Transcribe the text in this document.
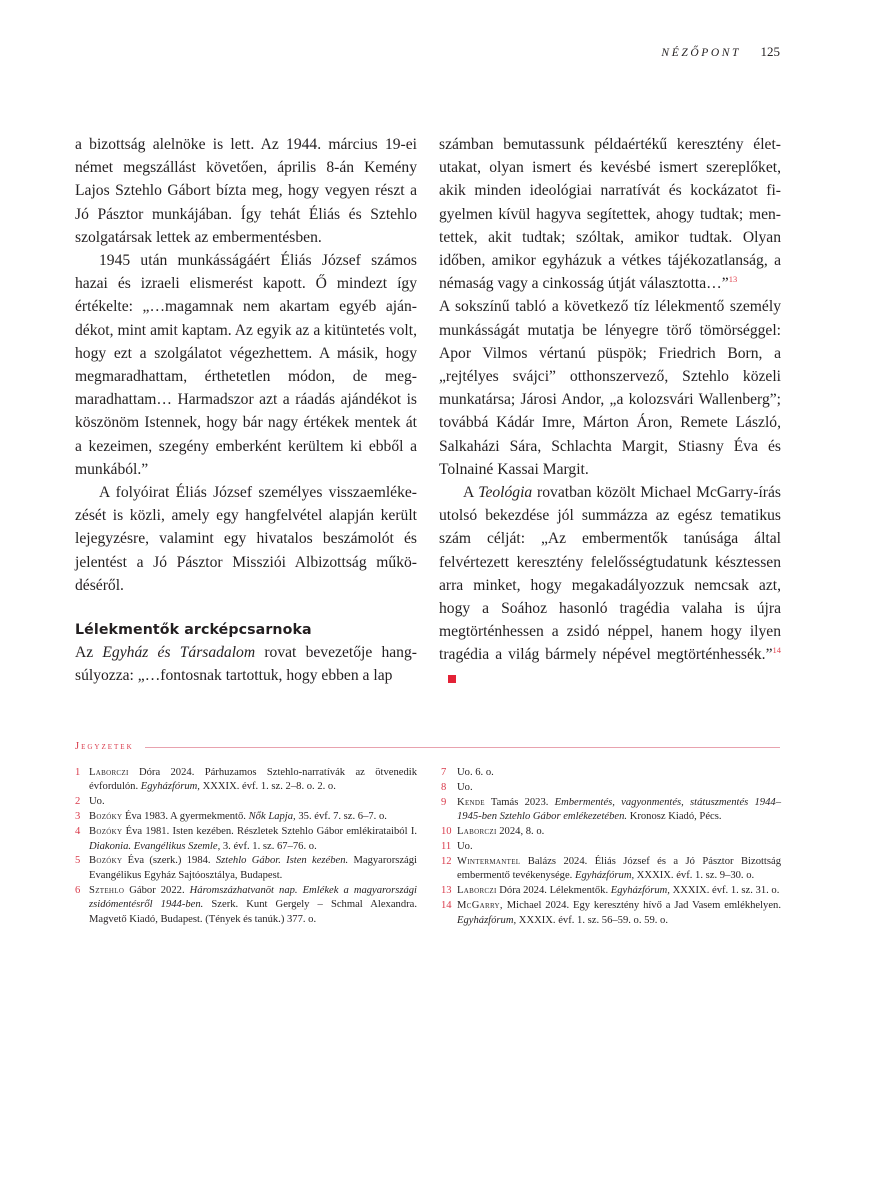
NÉZŐPONT 125

a bizottság alelnöke is lett. Az 1944. március 19-ei német megszállást követően, április 8-án Kemény Lajos Sztehlo Gábort bízta meg, hogy vegyen részt a Jó Pásztor munkájában. Így tehát Éliás és Sztehlo szolgatársak lettek az embermentésben.

1945 után munkásságáért Éliás József számos hazai és izraeli elismerést kapott. Ő mindezt így értékelte: „…magamnak nem akartam egyéb ajándékot, mint amit kaptam. Az egyik az a kitüntetés volt, hogy ezt a szolgálatot végezhettem. A másik, hogy megmaradhattam, érthetetlen módon, de megmaradhattam… Harmadszor azt a ráadás ajándékot is köszönöm Istennek, hogy bár nagy értékek mentek át a kezeimen, szegény emberként kerültem ki ebből a munkából.”

A folyóirat Éliás József személyes visszaemlékezését is közli, amely egy hangfelvétel alapján került lejegyzésre, valamint egy hivatalos beszámolót és jelentést a Jó Pásztor Missziói Albizottság működéséről.

Lélekmentők arcképcsarnoka

Az Egyház és Társadalom rovat bevezetője hangsúlyozza: „…fontosnak tartottuk, hogy ebben a lap

számban bemutassunk példaértékű keresztény életutakat, olyan ismert és kevésbé ismert szereplőket, akik minden ideológiai narratívát és kockázatot figyelmen kívül hagyva segítettek, ahogy tudtak; mentettek, akit tudtak; szóltak, amikor tudtak. Olyan időben, amikor egyházuk a vétkes tájékozatlanság, a némaság vagy a cinkosság útját választotta…”$^{13}$

A sokszínű tabló a következő tíz lélekmentő személy munkásságát mutatja be lényegre törő tömörséggel: Apor Vilmos vértanú püspök; Friedrich Born, a „rejtélyes svájci” otthonszervező, Sztehlo közeli munkatársa; Járosi Andor, „a kolozsvári Wallenberg”; továbbá Kádár Imre, Márton Áron, Remete László, Salkaházi Sára, Schlachta Margit, Stiasny Éva és Tolnainé Kassai Margit.

A Teológia rovatban közölt Michael McGarry-írás utolsó bekezdése jól summázza az egész tematikus szám célját: „Az embermentők tanúsága által felvértezett keresztény felelősségtudatunk késztessen arra minket, hogy megakadályozzuk nemcsak azt, hogy a Soához hasonló tragédia valaha is újra megtörténhessen a zsidó néppel, hanem hogy ilyen tragédia a világ bármely népével megtörténhessék.”$^{14}$

Jegyzetek
1 Laborczi Dóra 2024. Párhuzamos Sztehlo-narratívák az ötvenedik évfordulón. Egyházfórum, XXXIX. évf. 1. sz. 2–8. o. 2. o.
2 Uo.
3 Bozóky Éva 1983. A gyermekmentő. Nők Lapja, 35. évf. 7. sz. 6–7. o.
4 Bozóky Éva 1981. Isten kezében. Részletek Sztehlo Gábor emlékirataiból I. Diakonia. Evangélikus Szemle, 3. évf. 1. sz. 67–76. o.
5 Bozóky Éva (szerk.) 1984. Sztehlo Gábor. Isten kezében. Magyarországi Evangélikus Egyház Sajtóosztálya, Budapest.
6 Sztehlo Gábor 2022. Háromszázhatvanöt nap. Emlékek a magyarországi zsidómentésről 1944-ben. Szerk. Kunt Gergely – Schmal Alexandra. Magvető Kiadó, Budapest. (Tények és tanúk.) 377. o.
7	Uo. 6. o.
8	Uo.
9	Kende Tamás 2023. Embermentés, vagyonmentés, státuszmentés 1944–1945-ben Sztehlo Gábor emlékezetében. Kronosz Kiadó, Pécs.
10 Laborczi 2024, 8. o.
11 Uo.
12 Wintermantel Balázs 2024. Éliás József és a Jó Pásztor Bizottság embermentő tevékenysége. Egyházfórum, XXXIX. évf. 1. sz. 9–30. o.
13 Laborczi Dóra 2024. Lélekmentők. Egyházfórum, XXXIX. évf. 1. sz. 31. o.
14 McGarry, Michael 2024. Egy keresztény hívő a Jad Vasem emlékhelyen. Egyházfórum, XXXIX. évf. 1. sz. 56–59. o. 59. o.
